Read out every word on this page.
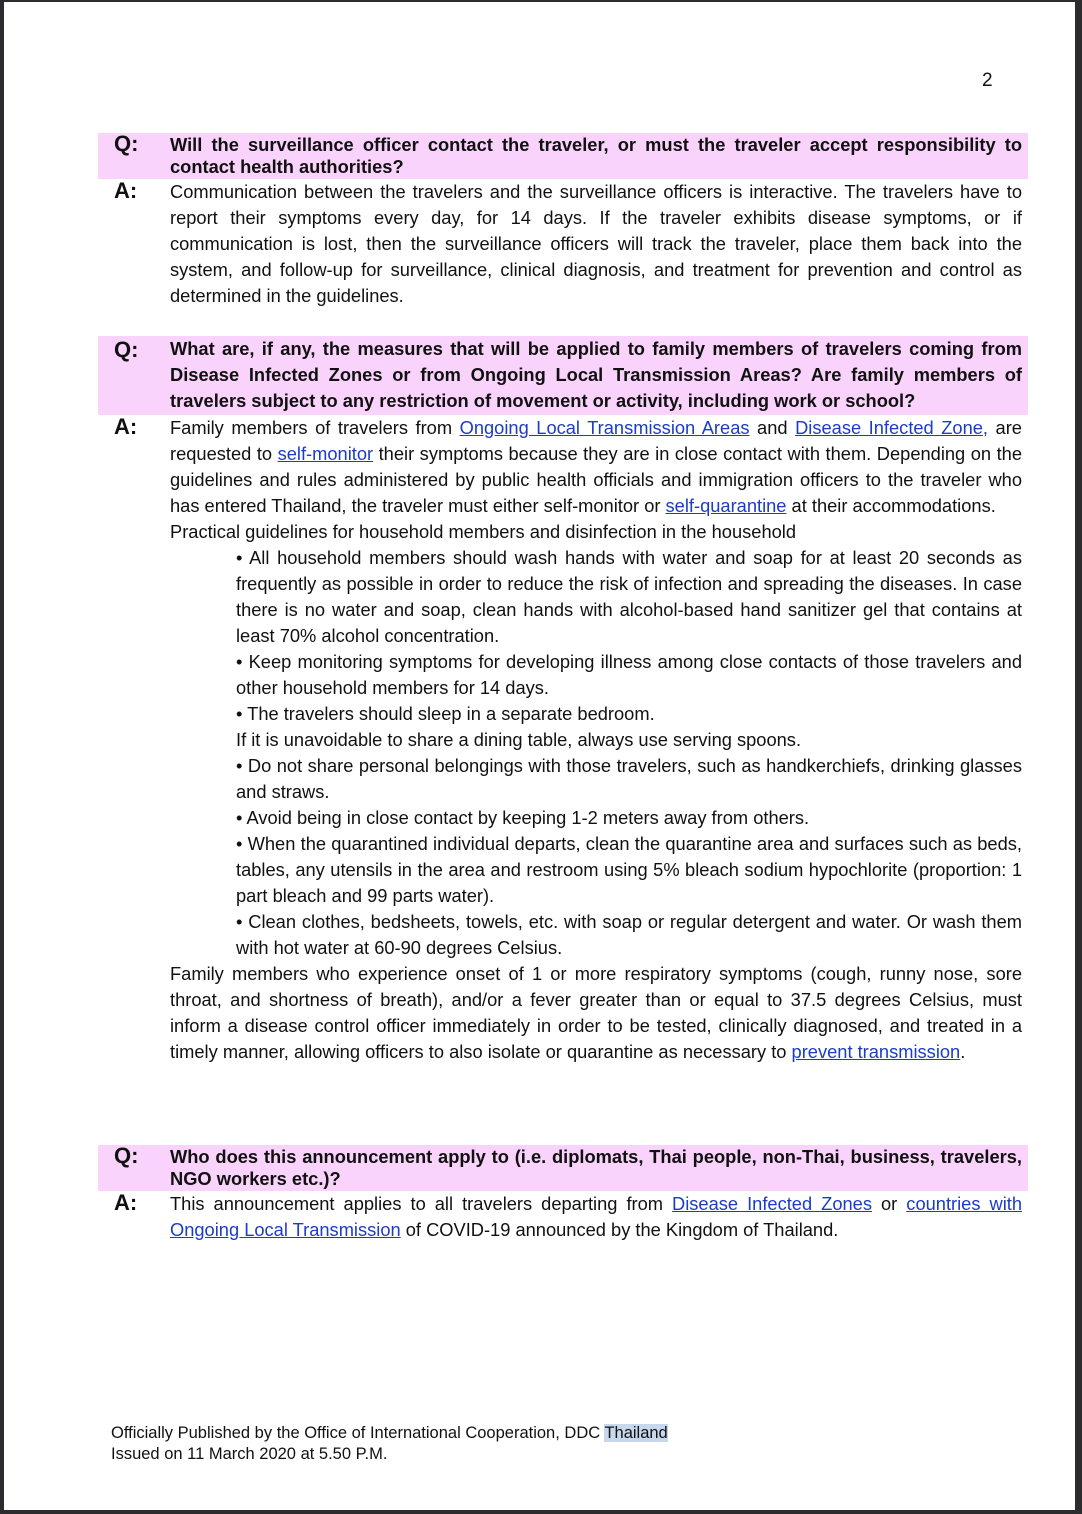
2
Q: Will the surveillance officer contact the traveler, or must the traveler accept responsibility to contact health authorities?
A: Communication between the travelers and the surveillance officers is interactive. The travelers have to report their symptoms every day, for 14 days. If the traveler exhibits disease symptoms, or if communication is lost, then the surveillance officers will track the traveler, place them back into the system, and follow-up for surveillance, clinical diagnosis, and treatment for prevention and control as determined in the guidelines.

Q: What are, if any, the measures that will be applied to family members of travelers coming from Disease Infected Zones or from Ongoing Local Transmission Areas? Are family members of travelers subject to any restriction of movement or activity, including work or school?
A: Family members of travelers from Ongoing Local Transmission Areas and Disease Infected Zone, are requested to self-monitor their symptoms because they are in close contact with them. Depending on the guidelines and rules administered by public health officials and immigration officers to the traveler who has entered Thailand, the traveler must either self-monitor or self-quarantine at their accommodations.

Practical guidelines for household members and disinfection in the household

• All household members should wash hands with water and soap for at least 20 seconds as frequently as possible in order to reduce the risk of infection and spreading the diseases. In case there is no water and soap, clean hands with alcohol-based hand sanitizer gel that contains at least 70% alcohol concentration.

• Keep monitoring symptoms for developing illness among close contacts of those travelers and other household members for 14 days.

• The travelers should sleep in a separate bedroom.

If it is unavoidable to share a dining table, always use serving spoons.

• Do not share personal belongings with those travelers, such as handkerchiefs, drinking glasses and straws.

• Avoid being in close contact by keeping 1-2 meters away from others.

• When the quarantined individual departs, clean the quarantine area and surfaces such as beds, tables, any utensils in the area and restroom using 5% bleach sodium hypochlorite (proportion: 1 part bleach and 99 parts water).

• Clean clothes, bedsheets, towels, etc. with soap or regular detergent and water. Or wash them with hot water at 60-90 degrees Celsius.

Family members who experience onset of 1 or more respiratory symptoms (cough, runny nose, sore throat, and shortness of breath), and/or a fever greater than or equal to 37.5 degrees Celsius, must inform a disease control officer immediately in order to be tested, clinically diagnosed, and treated in a timely manner, allowing officers to also isolate or quarantine as necessary to prevent transmission.

Q: Who does this announcement apply to (i.e. diplomats, Thai people, non-Thai, business, travelers, NGO workers etc.)?
A: This announcement applies to all travelers departing from Disease Infected Zones or countries with Ongoing Local Transmission of COVID-19 announced by the Kingdom of Thailand.

Officially Published by the Office of International Cooperation, DDC Thailand
Issued on 11 March 2020 at 5.50 P.M.
